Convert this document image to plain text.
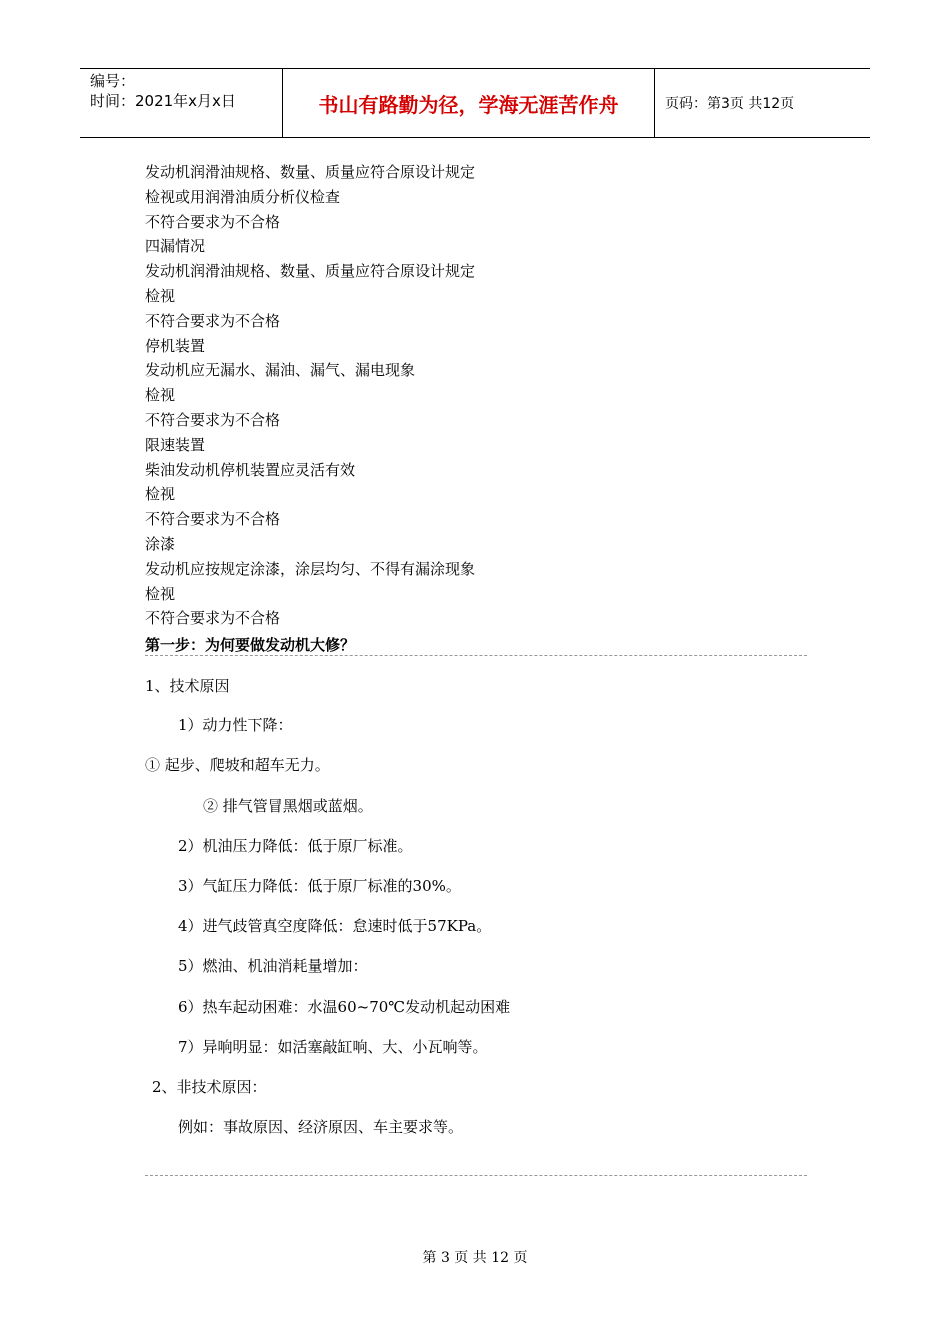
编号：
时间：2021年x月x日	书山有路勤为径，学海无涯苦作舟	页码：第3页 共12页
发动机润滑油规格、数量、质量应符合原设计规定
检视或用润滑油质分析仪检查
不符合要求为不合格
四漏情况
发动机润滑油规格、数量、质量应符合原设计规定
检视
不符合要求为不合格
停机装置
发动机应无漏水、漏油、漏气、漏电现象
检视
不符合要求为不合格
限速装置
柴油发动机停机装置应灵活有效
检视
不符合要求为不合格
涂漆
发动机应按规定涂漆，涂层均匀、不得有漏涂现象
检视
不符合要求为不合格
第一步：为何要做发动机大修？
1、技术原因
1）动力性下降：
① 起步、爬坡和超车无力。
② 排气管冒黑烟或蓝烟。
2）机油压力降低：低于原厂标准。
3）气缸压力降低：低于原厂标准的30%。
4）进气歧管真空度降低：怠速时低于57KPa。
5）燃油、机油消耗量增加：
6）热车起动困难：水温60~70℃发动机起动困难
7）异响明显：如活塞敲缸响、大、小瓦响等。
2、非技术原因：
例如：事故原因、经济原因、车主要求等。
第 3 页 共 12 页
